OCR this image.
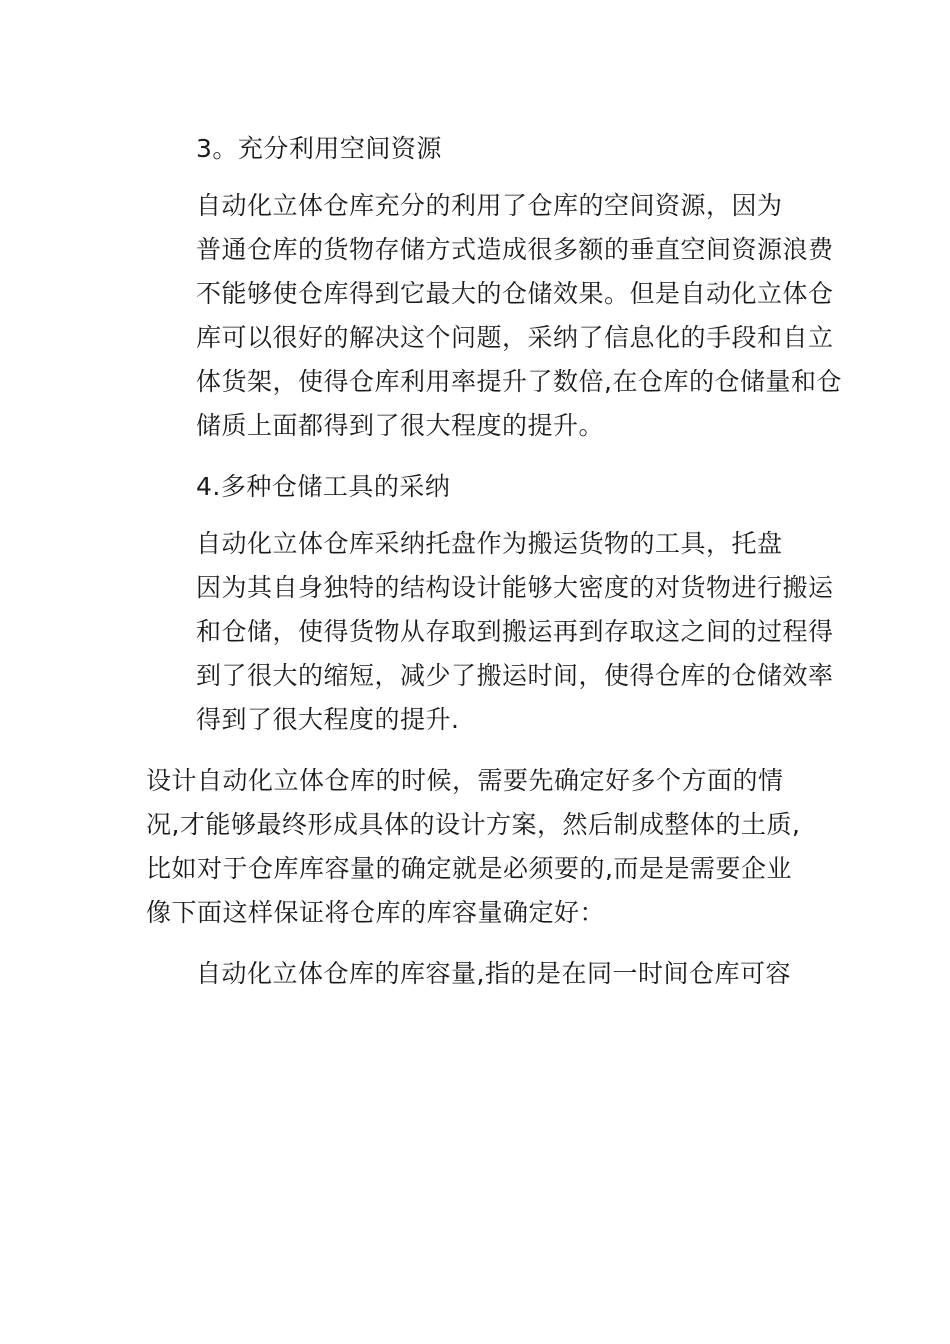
3。充分利用空间资源
自动化立体仓库充分的利用了仓库的空间资源，因为
普通仓库的货物存储方式造成很多额的垂直空间资源浪费
不能够使仓库得到它最大的仓储效果。但是自动化立体仓
库可以很好的解决这个问题，采纳了信息化的手段和自立
体货架，使得仓库利用率提升了数倍,在仓库的仓储量和仓
储质上面都得到了很大程度的提升。
4.多种仓储工具的采纳
自动化立体仓库采纳托盘作为搬运货物的工具，托盘
因为其自身独特的结构设计能够大密度的对货物进行搬运
和仓储，使得货物从存取到搬运再到存取这之间的过程得
到了很大的缩短，减少了搬运时间，使得仓库的仓储效率
得到了很大程度的提升.
设计自动化立体仓库的时候，需要先确定好多个方面的情
况,才能够最终形成具体的设计方案，然后制成整体的土质,
比如对于仓库库容量的确定就是必须要的,而是是需要企业
像下面这样保证将仓库的库容量确定好：
自动化立体仓库的库容量,指的是在同一时间仓库可容
